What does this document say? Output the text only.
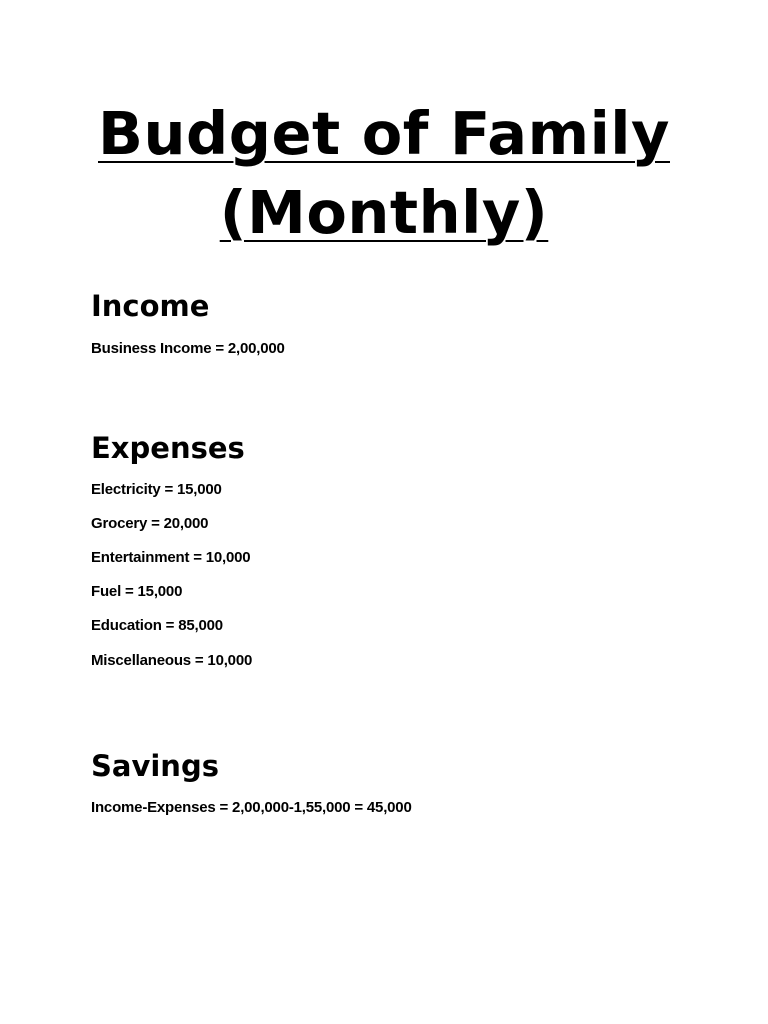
Budget of Family
(Monthly)
Income

Business Income = 2,00,000

Expenses

Electricity = 15,000

Grocery = 20,000

Entertainment = 10,000

Fuel = 15,000

Education = 85,000

Miscellaneous = 10,000

Savings

Income-Expenses = 2,00,000-1,55,000 = 45,000
